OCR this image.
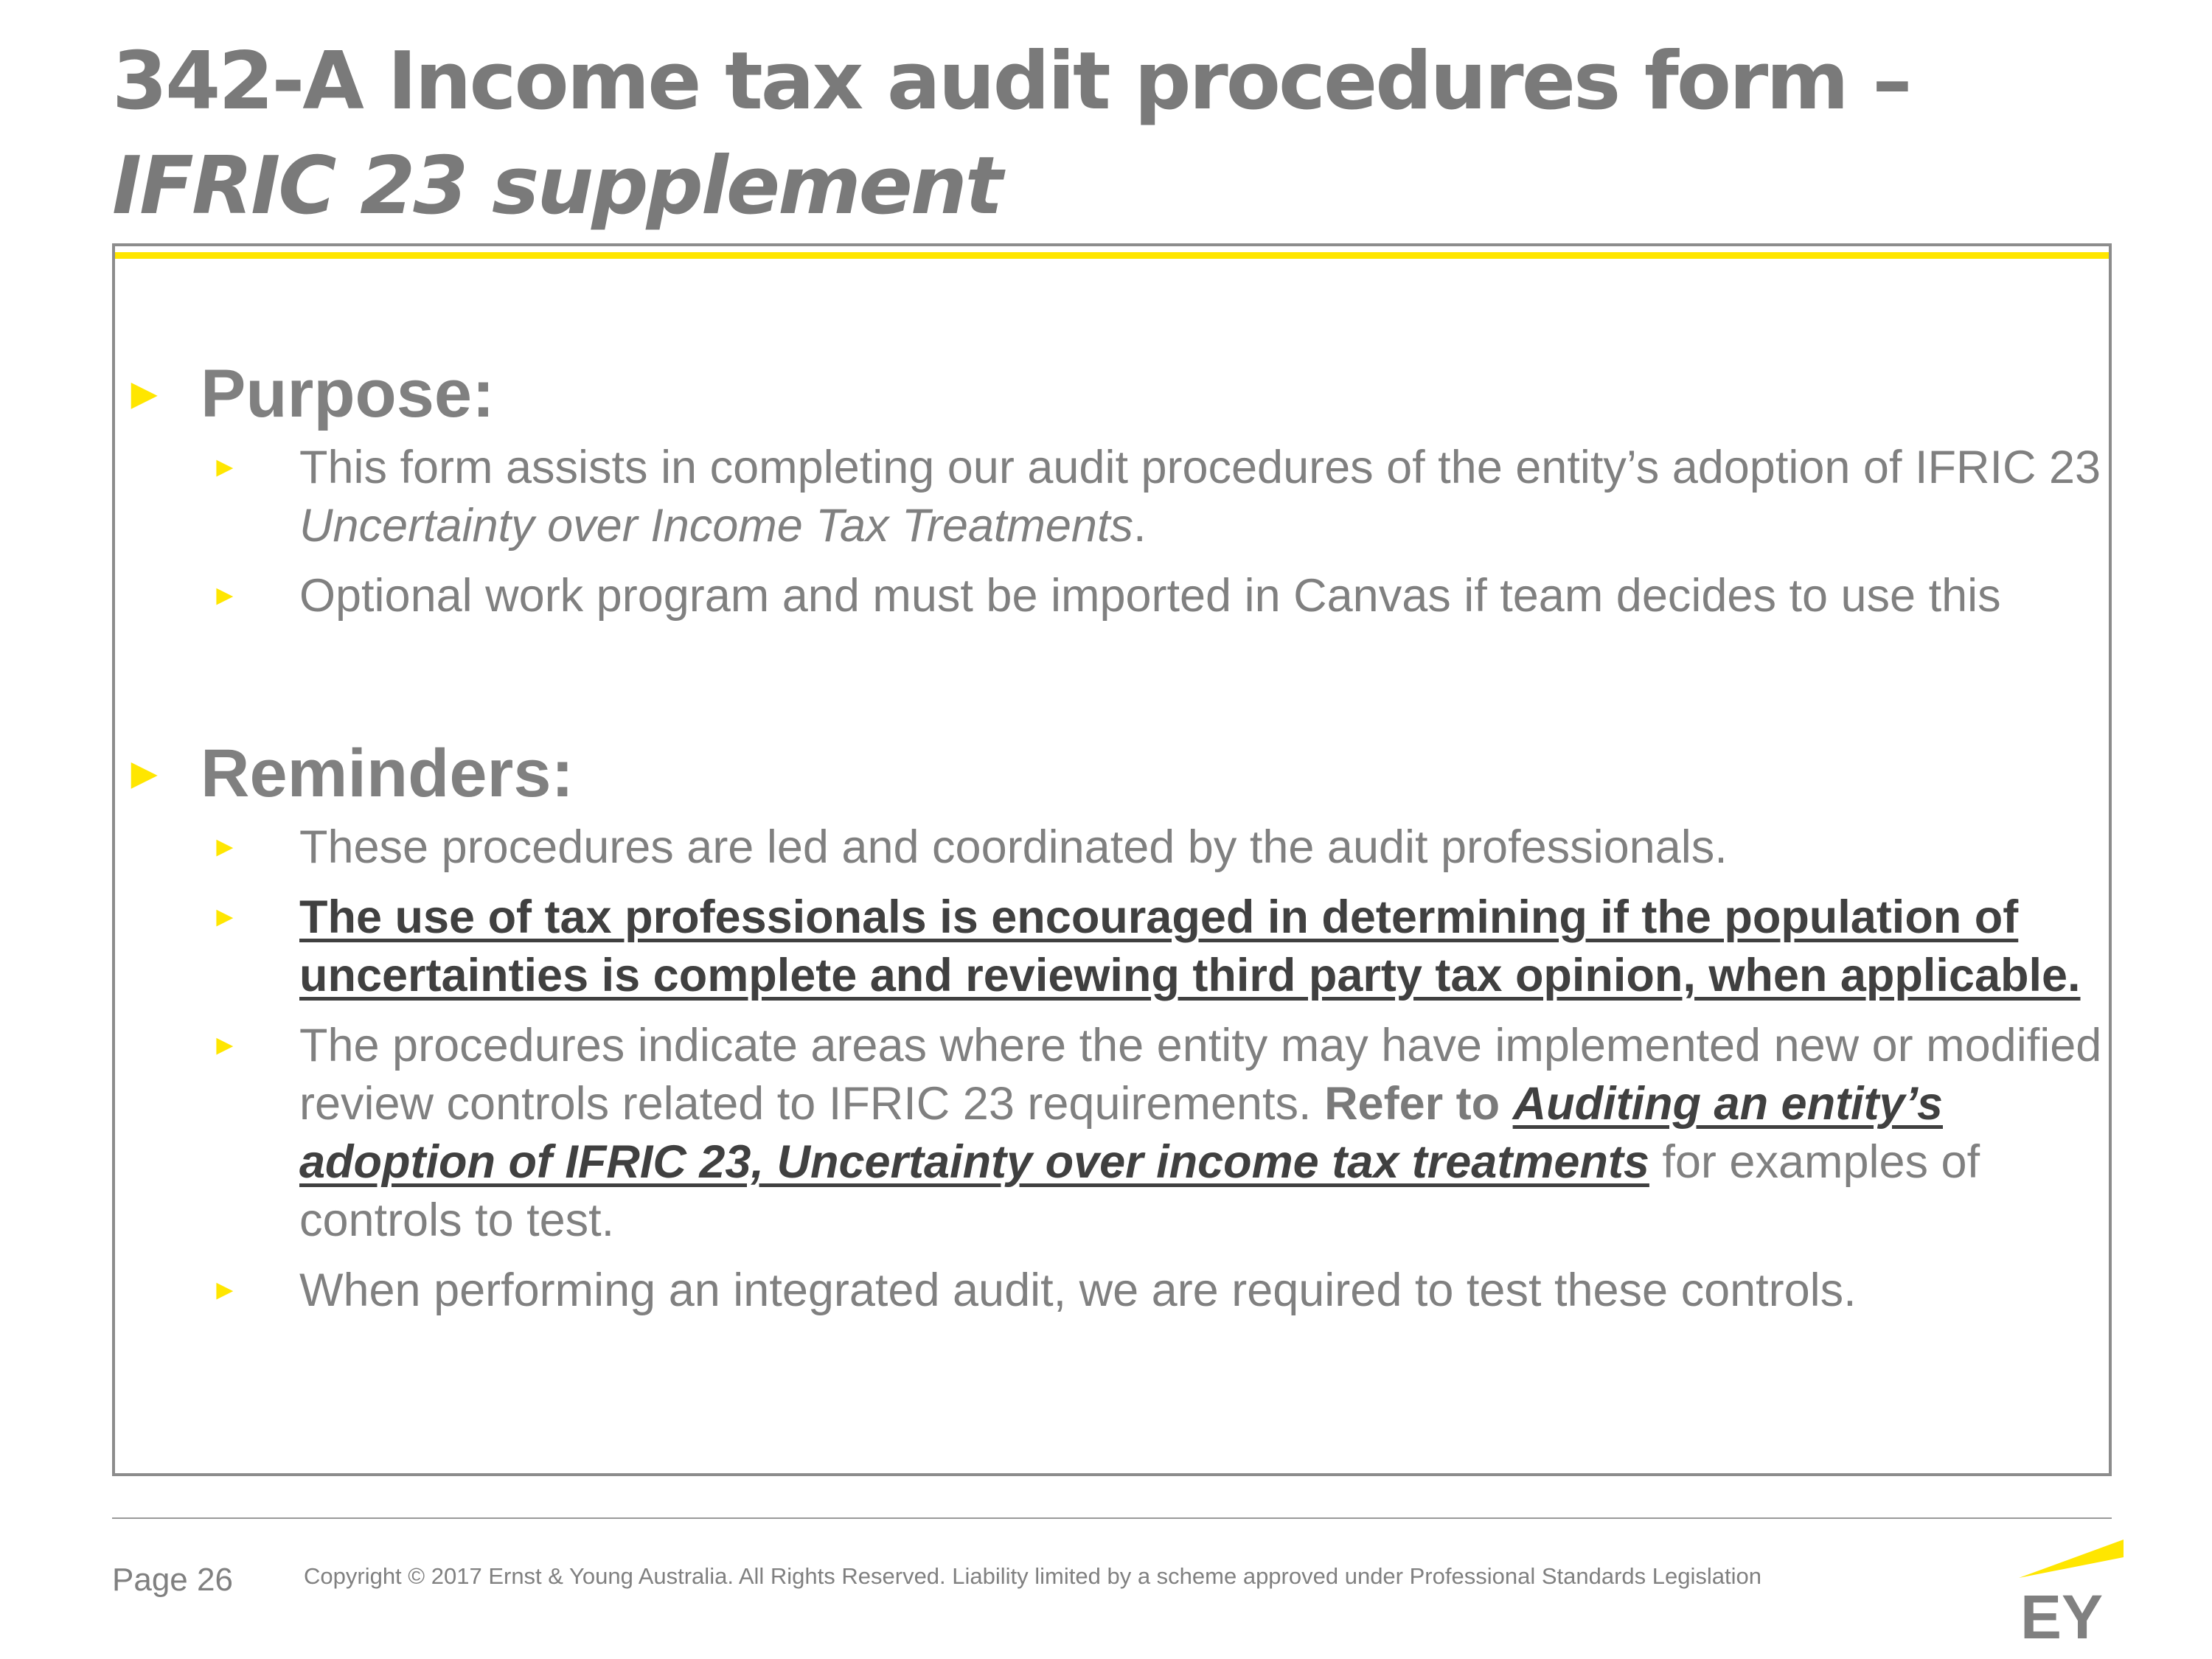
342-A Income tax audit procedures form – IFRIC 23 supplement
► Purpose:
►	This form assists in completing our audit procedures of the entity’s adoption of IFRIC 23 Uncertainty over Income Tax Treatments.
►	Optional work program and must be imported in Canvas if team decides to use this
► Reminders:
►	These procedures are led and coordinated by the audit professionals.
►	The use of tax professionals is encouraged in determining if the population of uncertainties is complete and reviewing third party tax opinion, when applicable.
►	The procedures indicate areas where the entity may have implemented new or modified review controls related to IFRIC 23 requirements. Refer to Auditing an entity’s adoption of IFRIC 23, Uncertainty over income tax treatments for examples of controls to test.
►	When performing an integrated audit, we are required to test these controls.
Page 26	Copyright © 2017 Ernst & Young Australia. All Rights Reserved. Liability limited by a scheme approved under Professional Standards Legislation
EY
